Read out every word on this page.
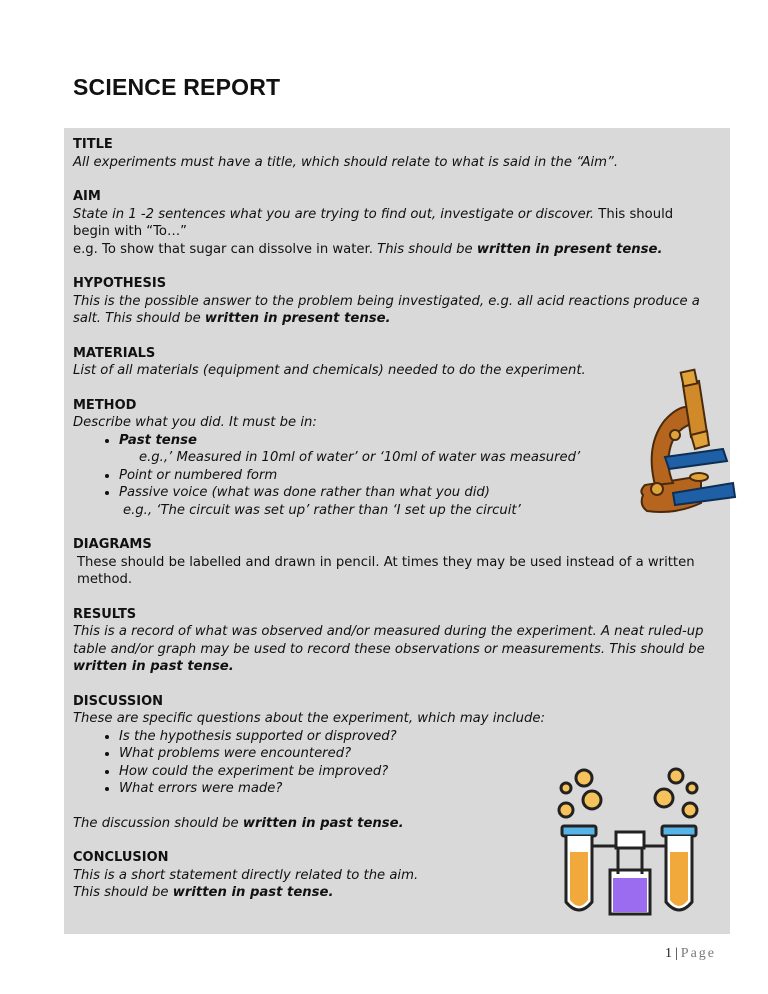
SCIENCE REPORT
TITLE
All experiments must have a title, which should relate to what is said in the “Aim”.
AIM
State in 1 -2 sentences what you are trying to find out, investigate or discover. This should begin with “To…”
e.g. To show that sugar can dissolve in water. This should be written in present tense.
HYPOTHESIS
This is the possible answer to the problem being investigated, e.g. all acid reactions produce a salt. This should be written in present tense.
MATERIALS
List of all materials (equipment and chemicals) needed to do the experiment.
METHOD
Describe what you did. It must be in:
• Past tense
e.g.,’ Measured in 10ml of water’ or ‘10ml of water was measured’
• Point or numbered form
• Passive voice (what was done rather than what you did)
e.g., ‘The circuit was set up’ rather than ‘I set up the circuit’
DIAGRAMS
These should be labelled and drawn in pencil. At times they may be used instead of a written method.
RESULTS
This is a record of what was observed and/or measured during the experiment. A neat ruled-up table and/or graph may be used to record these observations or measurements. This should be written in past tense.
DISCUSSION
These are specific questions about the experiment, which may include:
• Is the hypothesis supported or disproved?
• What problems were encountered?
• How could the experiment be improved?
• What errors were made?
The discussion should be written in past tense.
CONCLUSION
This is a short statement directly related to the aim.
This should be written in past tense.
1 | Page
